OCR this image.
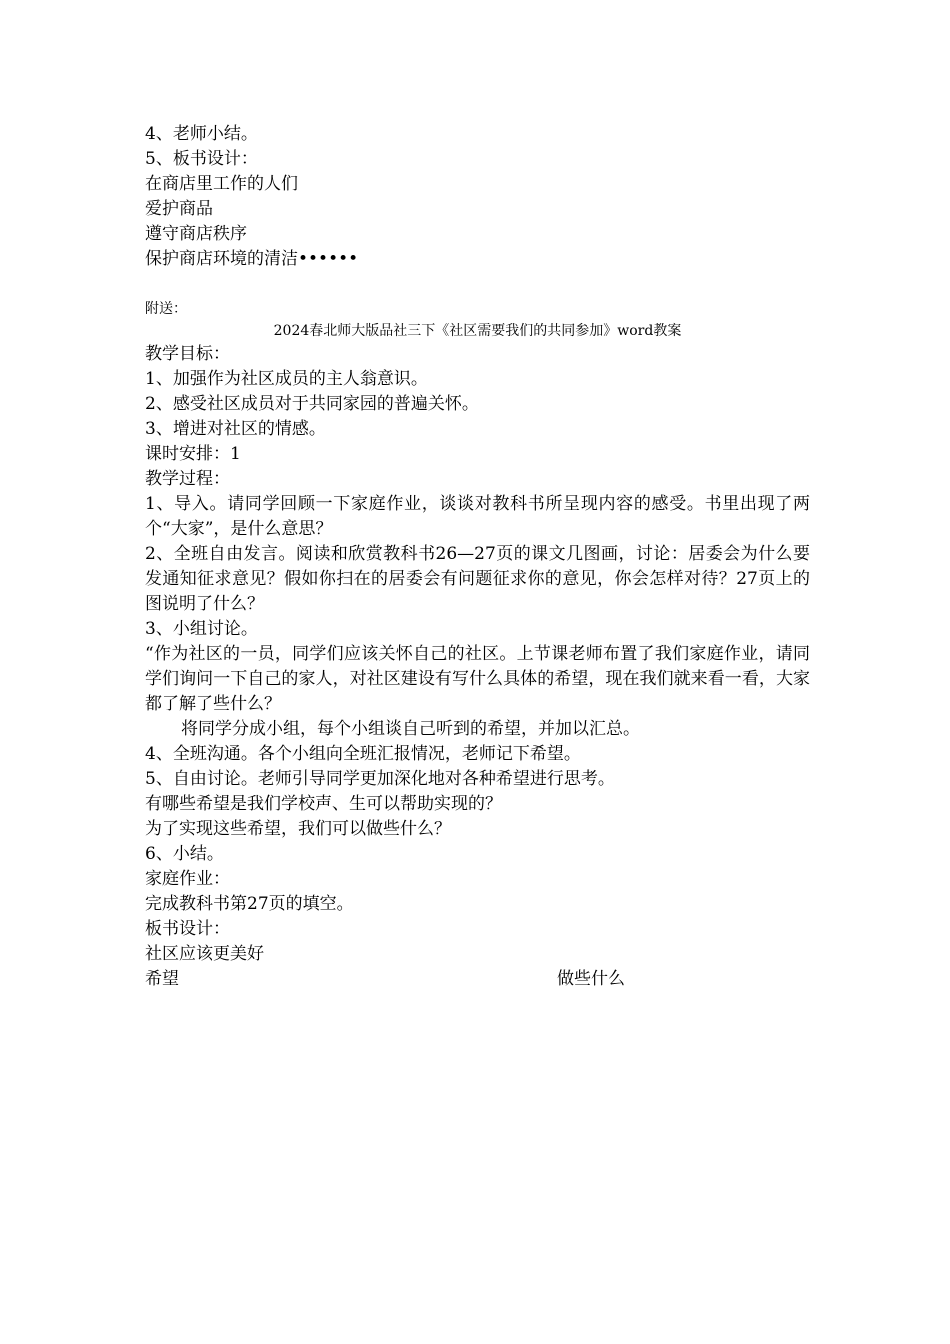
4、老师小结。
5、板书设计：
在商店里工作的人们
爱护商品
遵守商店秩序
保护商店环境的清洁••••••
附送：
2024春北师大版品社三下《社区需要我们的共同参加》word教案
教学目标：
1、加强作为社区成员的主人翁意识。
2、感受社区成员对于共同家园的普遍关怀。
3、增进对社区的情感。
课时安排：1
教学过程：
1、导入。请同学回顾一下家庭作业，谈谈对教科书所呈现内容的感受。书里出现了两个“大家”，是什么意思？
2、全班自由发言。阅读和欣赏教科书26—27页的课文几图画，讨论：居委会为什么要发通知征求意见？假如你扫在的居委会有问题征求你的意见，你会怎样对待？27页上的图说明了什么？
3、小组讨论。
“作为社区的一员，同学们应该关怀自己的社区。上节课老师布置了我们家庭作业，请同学们询问一下自己的家人，对社区建设有写什么具体的希望，现在我们就来看一看，大家都了解了些什么？
将同学分成小组，每个小组谈自己听到的希望，并加以汇总。
4、全班沟通。各个小组向全班汇报情况，老师记下希望。
5、自由讨论。老师引导同学更加深化地对各种希望进行思考。
有哪些希望是我们学校声、生可以帮助实现的？
为了实现这些希望，我们可以做些什么？
6、小结。
家庭作业：
完成教科书第27页的填空。
板书设计：
社区应该更美好
希望	做些什么
